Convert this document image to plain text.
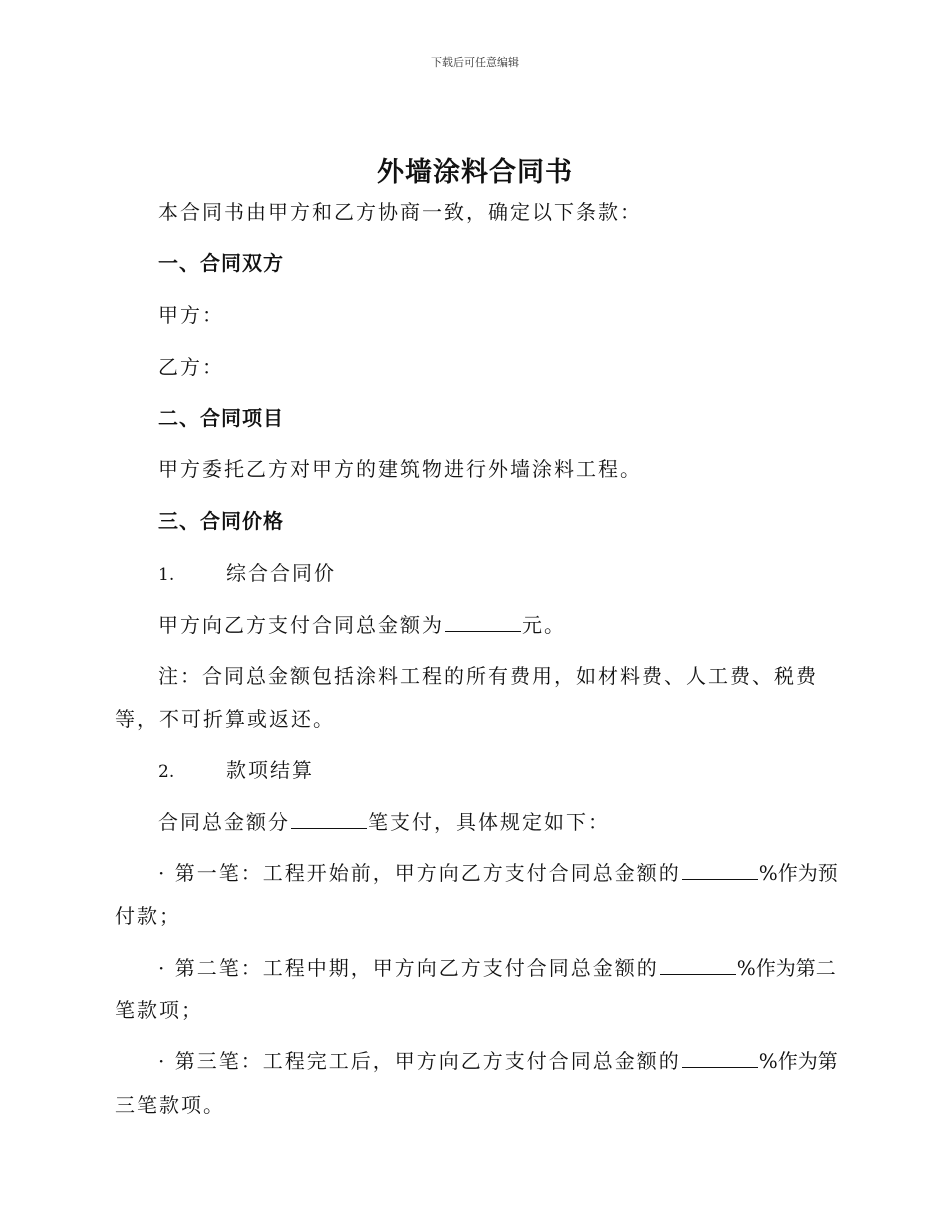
下载后可任意编辑
外墙涂料合同书
本合同书由甲方和乙方协商一致，确定以下条款：
一、合同双方
甲方：
乙方：
二、合同项目
甲方委托乙方对甲方的建筑物进行外墙涂料工程。
三、合同价格
1.	综合合同价
甲方向乙方支付合同总金额为	元。
注：合同总金额包括涂料工程的所有费用，如材料费、人工费、税费
等，不可折算或返还。
2.	款项结算
合同总金额分	笔支付，具体规定如下：
· 第一笔：工程开始前，甲方向乙方支付合同总金额的	%作为预
付款；
· 第二笔：工程中期，甲方向乙方支付合同总金额的	%作为第二
笔款项；
· 第三笔：工程完工后，甲方向乙方支付合同总金额的	%作为第
三笔款项。
